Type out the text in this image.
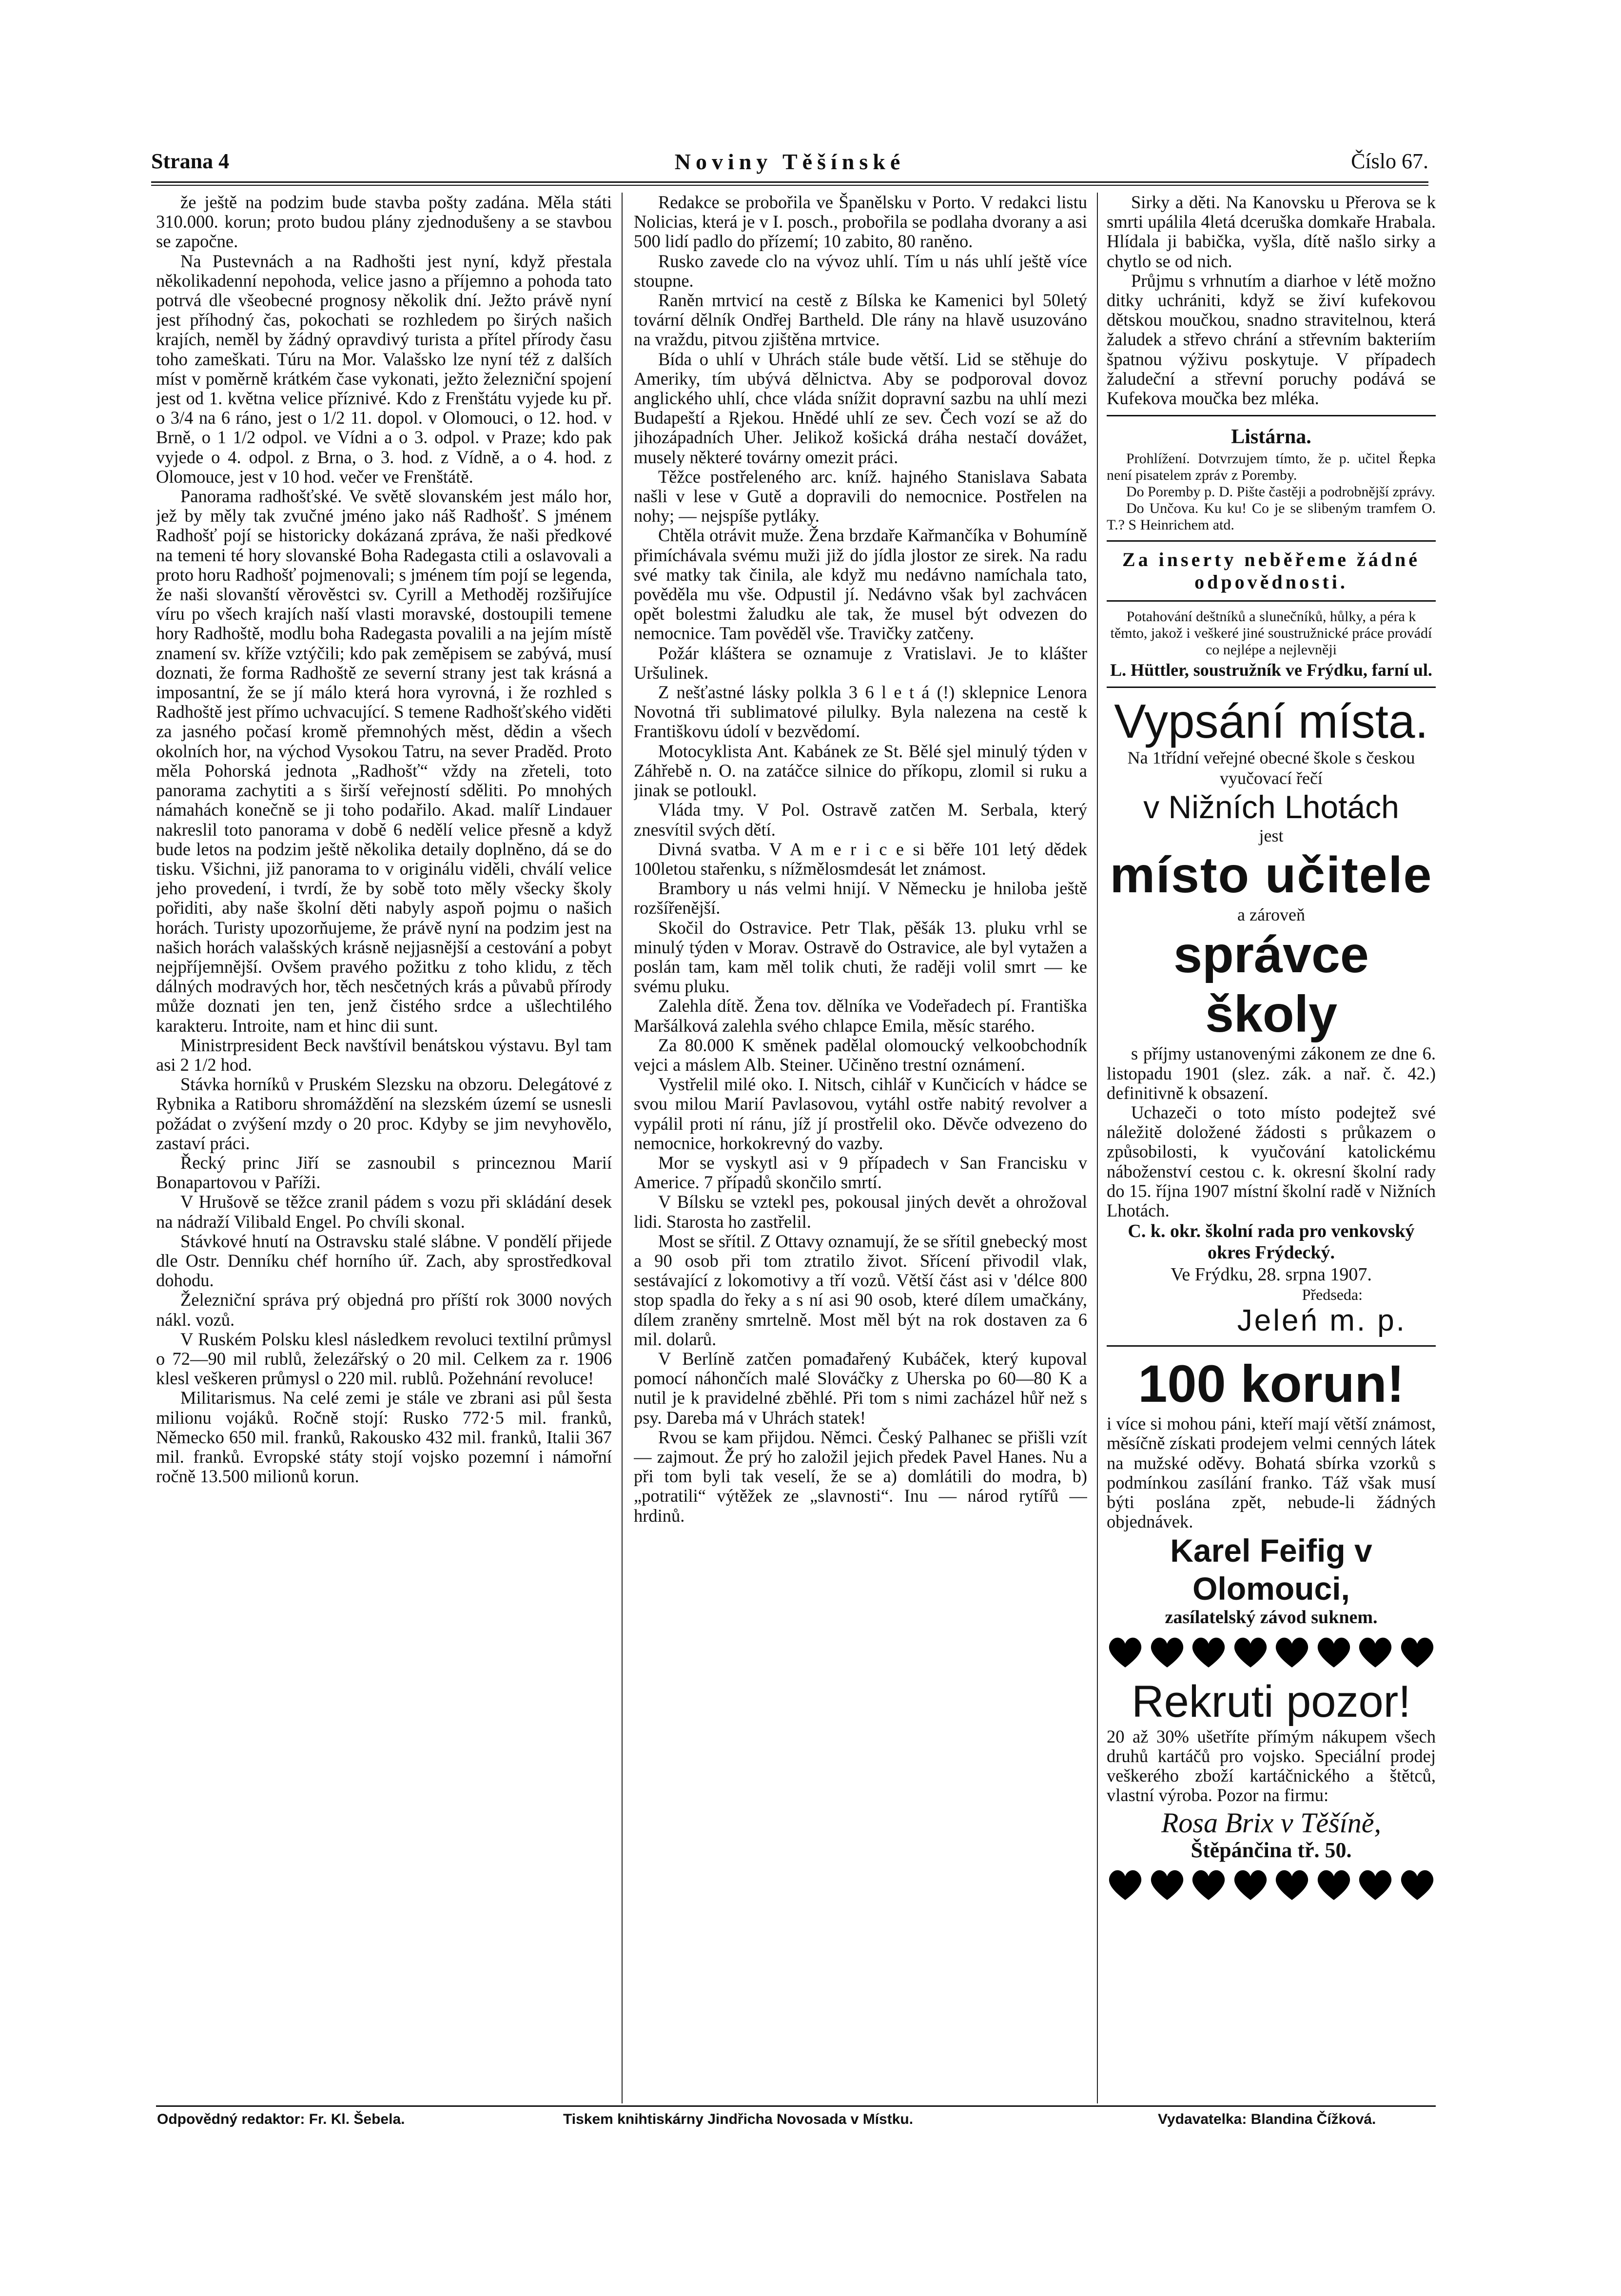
Strana 4	Noviny Těšínské	Číslo 67.

že ještě na podzim bude stavba pošty zadána. Měla státi 310.000. korun; proto budou plány zjednodušeny a se stavbou se započne.

Na Pustevnách a na Radhošti jest nyní, když přestala několikadenní nepohoda, velice jasno a příjemno a pohoda tato potrvá dle všeobecné prognosy několik dní. Ježto právě nyní jest příhodný čas, pokochati se rozhledem po širých našich krajích, neměl by žádný opravdivý turista a přítel přírody času toho zameškati. Túru na Mor. Valašsko lze nyní též z dalších míst v poměrně krátkém čase vykonati, ježto železniční spojení jest od 1. května velice příznivé. Kdo z Frenštátu vyjede ku př. o 3/4 na 6 ráno, jest o 1/2 11. dopol. v Olomouci, o 12. hod. v Brně, o 1 1/2 odpol. ve Vídni a o 3. odpol. v Praze; kdo pak vyjede o 4. odpol. z Brna, o 3. hod. z Vídně, a o 4. hod. z Olomouce, jest v 10 hod. večer ve Frenštátě.

Panorama radhošťské. Ve světě slovanském jest málo hor, jež by měly tak zvučné jméno jako náš Radhošť. S jménem Radhošť pojí se historicky dokázaná zpráva, že naši předkové na temeni té hory slovanské Boha Radegasta ctili a oslavovali a proto horu Radhošť pojmenovali; s jménem tím pojí se legenda, že naši slovanští věrověstci sv. Cyrill a Methoděj rozšiřujíce víru po všech krajích naší vlasti moravské, dostoupili temene hory Radhoště, modlu boha Radegasta povalili a na jejím místě znamení sv. kříže vztýčili; kdo pak zeměpisem se zabývá, musí doznati, že forma Radhoště ze severní strany jest tak krásná a imposantní, že se jí málo která hora vyrovná, i že rozhled s Radhoště jest přímo uchvacující. S temene Radhošťského viděti za jasného počasí kromě přemnohých měst, dědin a všech okolních hor, na východ Vysokou Tatru, na sever Praděd. Proto měla Pohorská jednota „Radhošť“ vždy na zřeteli, toto panorama zachytiti a s širší veřejností sděliti. Po mnohých námahách konečně se ji toho podařilo. Akad. malíř Lindauer nakreslil toto panorama v době 6 nedělí velice přesně a když bude letos na podzim ještě několika detaily doplněno, dá se do tisku. Všichni, již panorama to v originálu viděli, chválí velice jeho provedení, i tvrdí, že by sobě toto měly všecky školy pořiditi, aby naše školní děti nabyly aspoň pojmu o našich horách. Turisty upozorňujeme, že právě nyní na podzim jest na našich horách valašských krásně nejjasnější a cestování a pobyt nejpříjemnější. Ovšem pravého požitku z toho klidu, z těch dálných modravých hor, těch nesčetných krás a půvabů přírody může doznati jen ten, jenž čistého srdce a ušlechtilého karakteru. Introite, nam et hinc dii sunt.

Ministrpresident Beck navštívil benátskou výstavu. Byl tam asi 2 1/2 hod.

Stávka horníků v Pruském Slezsku na obzoru. Delegátové z Rybnika a Ratiboru shromáždění na slezském území se usnesli požádat o zvýšení mzdy o 20 proc. Kdyby se jim nevyhovělo, zastaví práci.

Řecký princ Jiří se zasnoubil s princeznou Marií Bonapartovou v Paříži.

V Hrušově se těžce zranil pádem s vozu při skládání desek na nádraží Vilibald Engel. Po chvíli skonal.

Stávkové hnutí na Ostravsku stalé slábne. V pondělí přijede dle Ostr. Denníku chéf horního úř. Zach, aby sprostředkoval dohodu.

Železniční správa prý objedná pro příští rok 3000 nových nákl. vozů.

V Ruském Polsku klesl následkem revoluci textilní průmysl o 72—90 mil rublů, železářský o 20 mil. Celkem za r. 1906 klesl veškeren průmysl o 220 mil. rublů. Požehnání revoluce!

Militarismus. Na celé zemi je stále ve zbrani asi půl šesta milionu vojáků. Ročně stojí: Rusko 772·5 mil. franků, Německo 650 mil. franků, Rakousko 432 mil. franků, Italii 367 mil. franků. Evropské státy stojí vojsko pozemní i námořní ročně 13.500 milionů korun.

Redakce se probořila ve Španělsku v Porto. V redakci listu Nolicias, která je v I. posch., probořila se podlaha dvorany a asi 500 lidí padlo do přízemí; 10 zabito, 80 raněno.

Rusko zavede clo na vývoz uhlí. Tím u nás uhlí ještě více stoupne.

Raněn mrtvicí na cestě z Bílska ke Kamenici byl 50letý tovární dělník Ondřej Bartheld. Dle rány na hlavě usuzováno na vraždu, pitvou zjištěna mrtvice.

Bída o uhlí v Uhrách stále bude větší. Lid se stěhuje do Ameriky, tím ubývá dělnictva. Aby se podporoval dovoz anglického uhlí, chce vláda snížit dopravní sazbu na uhlí mezi Budapeští a Rjekou. Hnědé uhlí ze sev. Čech vozí se až do jihozápadních Uher. Jelikož košická dráha nestačí dovážet, musely některé továrny omezit práci.

Těžce postřeleného arc. kníž. hajného Stanislava Sabata našli v lese v Gutě a dopravili do nemocnice. Postřelen na nohy; — nejspíše pytláky.

Chtěla otrávit muže. Žena brzdaře Kařmančíka v Bohumíně přimíchávala svému muži již do jídla jlostor ze sirek. Na radu své matky tak činila, ale když mu nedávno namíchala tato, pověděla mu vše. Odpustil jí. Nedávno však byl zachvácen opět bolestmi žaludku ale tak, že musel být odvezen do nemocnice. Tam pověděl vše. Travičky zatčeny.

Požár kláštera se oznamuje z Vratislavi. Je to klášter Uršulinek.

Z nešťastné lásky polkla 3 6 l e t á (!) sklepnice Lenora Novotná tři sublimatové pilulky. Byla nalezena na cestě k Františkovu údolí v bezvědomí.

Motocyklista Ant. Kabánek ze St. Bělé sjel minulý týden v Záhřebě n. O. na zatáčce silnice do příkopu, zlomil si ruku a jinak se potloukl.

Vláda tmy. V Pol. Ostravě zatčen M. Serbala, který znesvítil svých dětí.

Divná svatba. V A m e r i c e si běře 101 letý dědek 100letou stařenku, s nížmělosmdesát let známost.

Brambory u nás velmi hnijí. V Německu je hniloba ještě rozšířenější.

Skočil do Ostravice. Petr Tlak, pěšák 13. pluku vrhl se minulý týden v Morav. Ostravě do Ostravice, ale byl vytažen a poslán tam, kam měl tolik chuti, že raději volil smrt — ke svému pluku.

Zalehla dítě. Žena tov. dělníka ve Vodeřadech pí. Františka Maršálková zalehla svého chlapce Emila, měsíc starého.

Za 80.000 K směnek padělal olomoucký velkoobchodník vejci a máslem Alb. Steiner. Učiněno trestní oznámení.

Vystřelil milé oko. I. Nitsch, cihlář v Kunčicích v hádce se svou milou Marií Pavlasovou, vytáhl ostře nabitý revolver a vypálil proti ní ránu, jíž jí prostřelil oko. Děvče odvezeno do nemocnice, horkokrevný do vazby.

Mor se vyskytl asi v 9 případech v San Francisku v Americe. 7 případů skončilo smrtí.

V Bílsku se vztekl pes, pokousal jiných devět a ohrožoval lidi. Starosta ho zastřelil.

Most se sřítil. Z Ottavy oznamují, že se sřítil gnebecký most a 90 osob při tom ztratilo život. Sřícení přivodil vlak, sestávající z lokomotivy a tří vozů. Větší část asi v 'délce 800 stop spadla do řeky a s ní asi 90 osob, které dílem umačkány, dílem zraněny smrtelně. Most měl být na rok dostaven za 6 mil. dolarů.

V Berlíně zatčen pomađařený Kubáček, který kupoval pomocí náhončích malé Slováčky z Uherska po 60—80 K a nutil je k pravidelné zběhlé. Při tom s nimi zacházel hůř než s psy. Dareba má v Uhrách statek!

Rvou se kam přijdou. Němci. Český Palhanec se přišli vzít — zajmout. Že prý ho založil jejich předek Pavel Hanes. Nu a při tom byli tak veselí, že se a) domlátili do modra, b) „potratili“ výtěžek ze „slavnosti“. Inu — národ rytířů — hrdinů.

Sirky a děti. Na Kanovsku u Přerova se k smrti upálila 4letá dceruška domkaře Hrabala. Hlídala ji babička, vyšla, dítě našlo sirky a chytlo se od nich.

Průjmu s vrhnutím a diarhoe v létě možno ditky uchrániti, když se živí kufekovou dětskou moučkou, snadno stravitelnou, která žaludek a střevo chrání a střevním bakteriím špatnou výživu poskytuje. V případech žaludeční a střevní poruchy podává se Kufekova moučka bez mléka.

Listárna.

Prohlížení. Dotvrzujem tímto, že p. učitel Řepka není pisatelem zpráv z Poremby.

Do Poremby p. D. Pište častěji a podrobnější zprávy.

Do Unčova. Ku ku! Co je se slibeným tramfem O. T.? S Heinrichem atd.

Za inserty neběřeme žádné odpovědnosti.
Potahování deštníků a slunečníků, hůlky, a péra k těmto, jakož i veškeré jiné soustružnické práce provádí co nejlépe a nejlevněji
L. Hüttler, soustružník ve Frýdku, farní ul.
Vypsání místa.
Na 1třídní veřejné obecné škole s českou vyučovací řečí
v Nižních Lhotách
jest
místo učitele
a zároveň
správce školy

s příjmy ustanovenými zákonem ze dne 6. listopadu 1901 (slez. zák. a nař. č. 42.) definitivně k obsazení.

Uchazeči o toto místo podejtež své náležitě doložené žádosti s průkazem o způsobilosti, k vyučování katolickému náboženství cestou c. k. okresní školní rady do 15. října 1907 místní školní radě v Nižních Lhotách.

C. k. okr. školní rada pro venkovský okres Frýdecký.
Ve Frýdku, 28. srpna 1907.
Předseda:
Jeleń m. p.
100 korun!
i více si mohou páni, kteří mají větší známost, měsíčně získati prodejem velmi cenných látek na mužské oděvy. Bohatá sbírka vzorků s podmínkou zasílání franko. Táž však musí býti poslána zpět, nebude-li žádných objednávek.
Karel Feifig v Olomouci,
zasílatelský závod suknem.
Rekruti pozor!
20 až 30% ušetříte přímým nákupem všech druhů kartáčů pro vojsko. Speciální prodej veškerého zboží kartáčnického a štětců, vlastní výroba. Pozor na firmu:
Rosa Brix v Těšíně,
Štěpánčina tř. 50.
Odpovědný redaktor: Fr. Kl. Šebela.	Tiskem knihtiskárny Jindřicha Novosada v Místku.	Vydavatelka: Blandina Čížková.
